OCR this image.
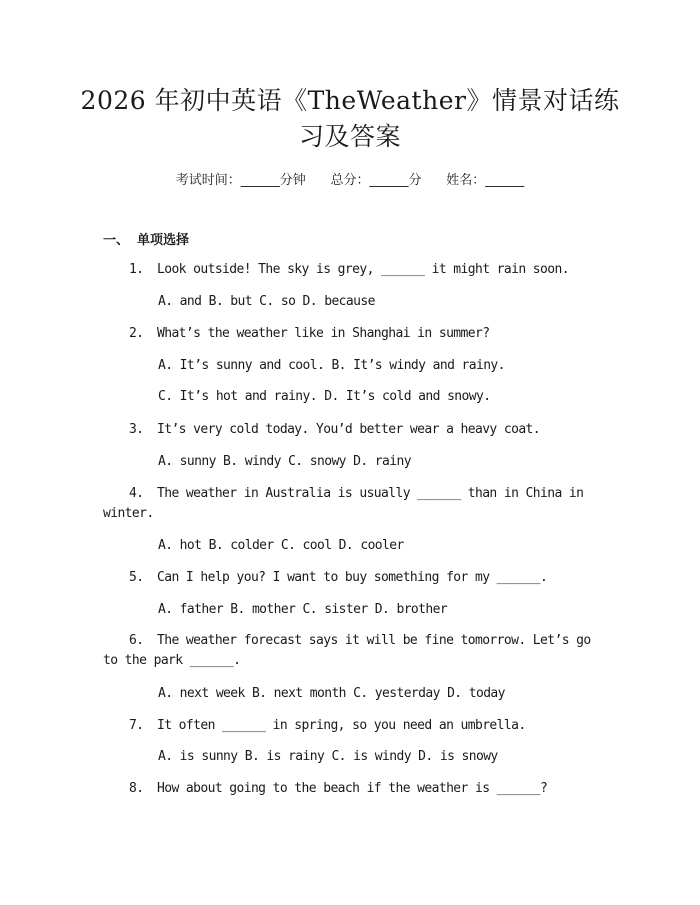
2026 年初中英语《TheWeather》情景对话练
习及答案
考试时间：______分钟      总分：______分      姓名：______
一、 单项选择
1. Look outside! The sky is grey, ______ it might rain soon.
A. and B. but C. so D. because
2. What’s the weather like in Shanghai in summer?
A. It’s sunny and cool. B. It’s windy and rainy.
C. It’s hot and rainy. D. It’s cold and snowy.
3. It’s very cold today. You’d better wear a heavy coat.
A. sunny B. windy C. snowy D. rainy
4. The weather in Australia is usually ______ than in China in winter.
A. hot B. colder C. cool D. cooler
5. Can I help you? I want to buy something for my ______.
A. father B. mother C. sister D. brother
6. The weather forecast says it will be fine tomorrow. Let’s go to the park ______.
A. next week B. next month C. yesterday D. today
7. It often ______ in spring, so you need an umbrella.
A. is sunny B. is rainy C. is windy D. is snowy
8. How about going to the beach if the weather is ______?
